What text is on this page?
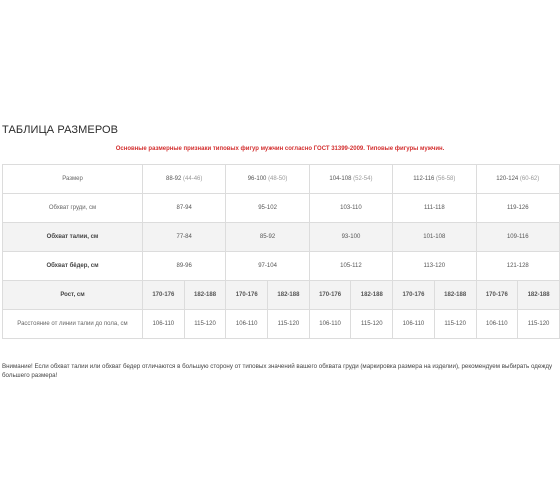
ТАБЛИЦА РАЗМЕРОВ
Основные размерные признаки типовых фигур мужчин согласно ГОСТ 31399-2009. Типовые фигуры мужчин.
Размер	88-92 (44-46)		96-100 (48-50)		104-108 (52-54)		112-116 (56-58)		120-124 (60-62)	
Обхват груди, см	87-94		95-102		103-110		111-118		119-126	
Обхват талии, см	77-84		85-92		93-100		101-108		109-116	
Обхват бёдер, см	89-96		97-104		105-112		113-120		121-128	
Рост, см	170-176	182-188	170-176	182-188	170-176	182-188	170-176	182-188	170-176	182-188
Расстояние от линии талии до пола, см	106-110	115-120	106-110	115-120	106-110	115-120	106-110	115-120	106-110	115-120
Внимание! Если обхват талии или обхват бедер отличаются в большую сторону от типовых значений вашего обхвата груди (маркировка размера на изделии), рекомендуем выбирать одежду большего размера!
